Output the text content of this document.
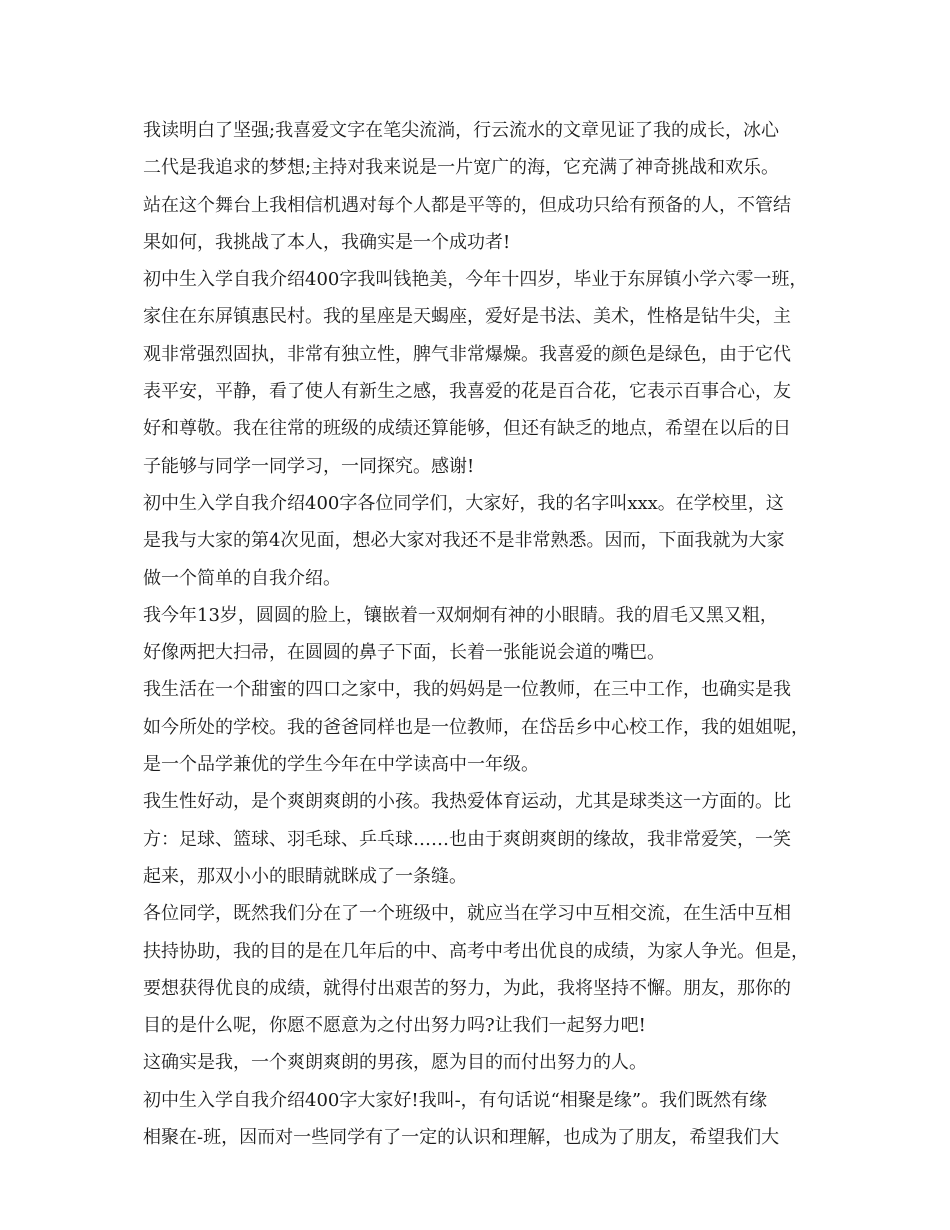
我读明白了坚强;我喜爱文字在笔尖流淌，行云流水的文章见证了我的成长，冰心
二代是我追求的梦想;主持对我来说是一片宽广的海，它充满了神奇挑战和欢乐。
站在这个舞台上我相信机遇对每个人都是平等的，但成功只给有预备的人，不管结
果如何，我挑战了本人，我确实是一个成功者!
初中生入学自我介绍400字我叫钱艳美，今年十四岁，毕业于东屏镇小学六零一班，
家住在东屏镇惠民村。我的星座是天蝎座，爱好是书法、美术，性格是钻牛尖，主
观非常强烈固执，非常有独立性，脾气非常爆燥。我喜爱的颜色是绿色，由于它代
表平安，平静，看了使人有新生之感，我喜爱的花是百合花，它表示百事合心，友
好和尊敬。我在往常的班级的成绩还算能够，但还有缺乏的地点，希望在以后的日
子能够与同学一同学习，一同探究。感谢!
初中生入学自我介绍400字各位同学们，大家好，我的名字叫xxx。在学校里，这
是我与大家的第4次见面，想必大家对我还不是非常熟悉。因而，下面我就为大家
做一个简单的自我介绍。
我今年13岁，圆圆的脸上，镶嵌着一双炯炯有神的小眼睛。我的眉毛又黑又粗，
好像两把大扫帚，在圆圆的鼻子下面，长着一张能说会道的嘴巴。
我生活在一个甜蜜的四口之家中，我的妈妈是一位教师，在三中工作，也确实是我
如今所处的学校。我的爸爸同样也是一位教师，在岱岳乡中心校工作，我的姐姐呢，
是一个品学兼优的学生今年在中学读高中一年级。
我生性好动，是个爽朗爽朗的小孩。我热爱体育运动，尤其是球类这一方面的。比
方：足球、篮球、羽毛球、乒乓球……也由于爽朗爽朗的缘故，我非常爱笑，一笑
起来，那双小小的眼睛就眯成了一条缝。
各位同学，既然我们分在了一个班级中，就应当在学习中互相交流，在生活中互相
扶持协助，我的目的是在几年后的中、高考中考出优良的成绩，为家人争光。但是，
要想获得优良的成绩，就得付出艰苦的努力，为此，我将坚持不懈。朋友，那你的
目的是什么呢，你愿不愿意为之付出努力吗?让我们一起努力吧!
这确实是我，一个爽朗爽朗的男孩，愿为目的而付出努力的人。
初中生入学自我介绍400字大家好!我叫-，有句话说“相聚是缘”。我们既然有缘
相聚在-班，因而对一些同学有了一定的认识和理解，也成为了朋友，希望我们大
